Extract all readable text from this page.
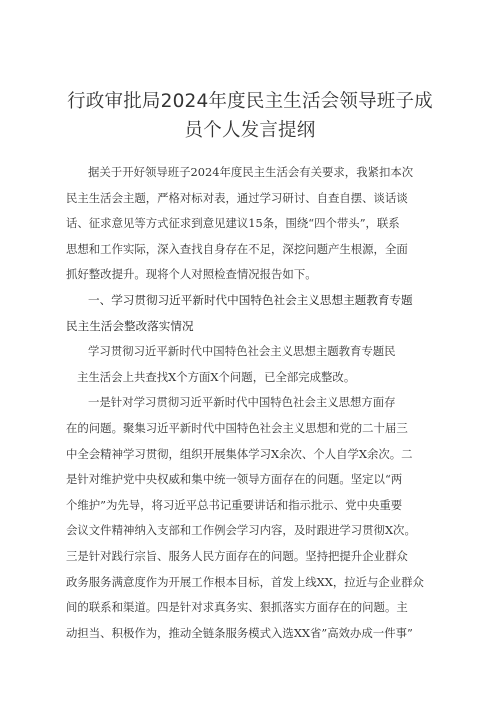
行政审批局2024年度民主生活会领导班子成
员个人发言提纲

据关于开好领导班子2024年度民主生活会有关要求，我紧扣本次
民主生活会主题，严格对标对表，通过学习研讨、自查自摆、谈话谈
话、征求意见等方式征求到意见建议15条，围绕“四个带头”，联系
思想和工作实际，深入查找自身存在不足，深挖问题产生根源，全面
抓好整改提升。现将个人对照检查情况报告如下。

一、学习贯彻习近平新时代中国特色社会主义思想主题教育专题
民主生活会整改落实情况

学习贯彻习近平新时代中国特色社会主义思想主题教育专题民
主生活会上共查找X个方面X个问题，已全部完成整改。

一是针对学习贯彻习近平新时代中国特色社会主义思想方面存
在的问题。聚集习近平新时代中国特色社会主义思想和党的二十届三
中全会精神学习贯彻，组织开展集体学习X余次、个人自学X余次。二
是针对维护党中央权威和集中统一领导方面存在的问题。坚定以“两
个维护”为先导，将习近平总书记重要讲话和指示批示、党中央重要
会议文件精神纳入支部和工作例会学习内容，及时跟进学习贯彻X次。
三是针对践行宗旨、服务人民方面存在的问题。坚持把提升企业群众
政务服务满意度作为开展工作根本目标，首发上线XX，拉近与企业群众
间的联系和渠道。四是针对求真务实、狠抓落实方面存在的问题。主
动担当、积极作为，推动全链条服务模式入选XX省”高效办成一件事”
